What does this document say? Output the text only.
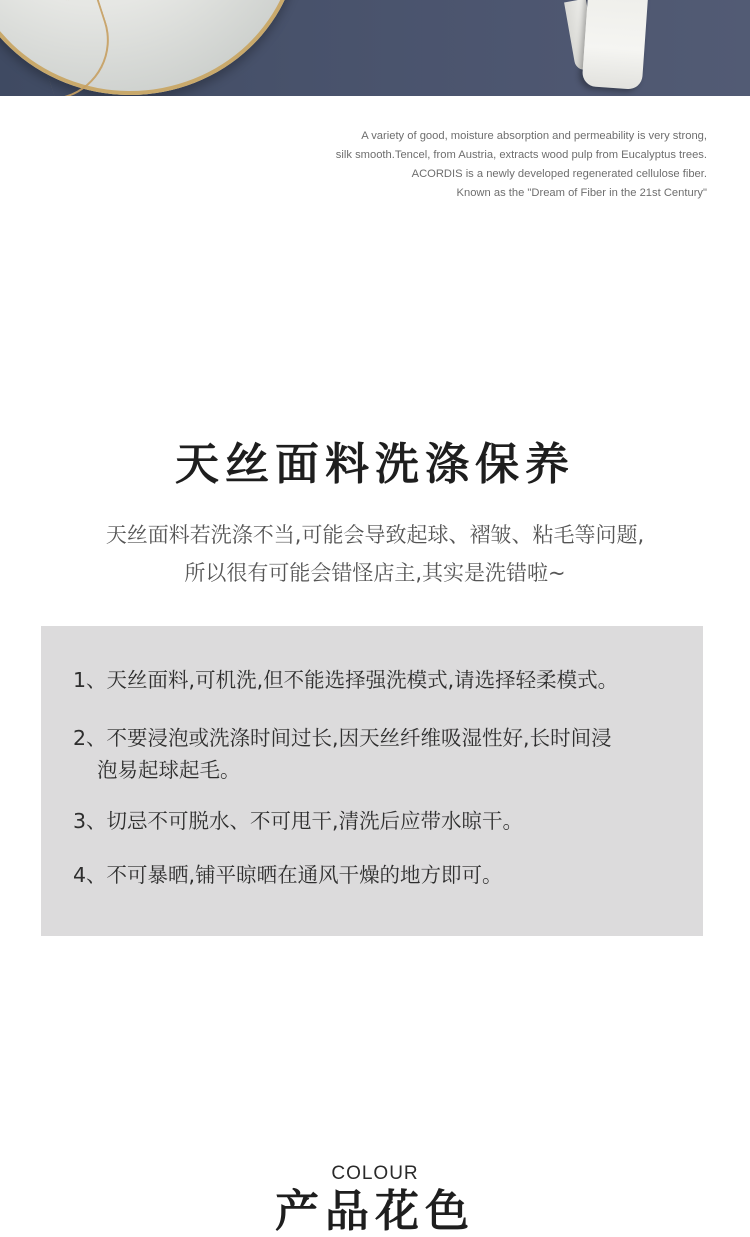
A variety of good, moisture absorption and permeability is very strong,
silk smooth.Tencel, from Austria, extracts wood pulp from Eucalyptus trees.
ACORDIS is a newly developed regenerated cellulose fiber.
Known as the "Dream of Fiber in the 21st Century"
天丝面料洗涤保养
天丝面料若洗涤不当,可能会导致起球、褶皱、粘毛等问题,
所以很有可能会错怪店主,其实是洗错啦~
1、天丝面料,可机洗,但不能选择强洗模式,请选择轻柔模式。
2、不要浸泡或洗涤时间过长,因天丝纤维吸湿性好,长时间浸
泡易起球起毛。
3、切忌不可脱水、不可甩干,清洗后应带水晾干。
4、不可暴晒,铺平晾晒在通风干燥的地方即可。
COLOUR
产品花色
